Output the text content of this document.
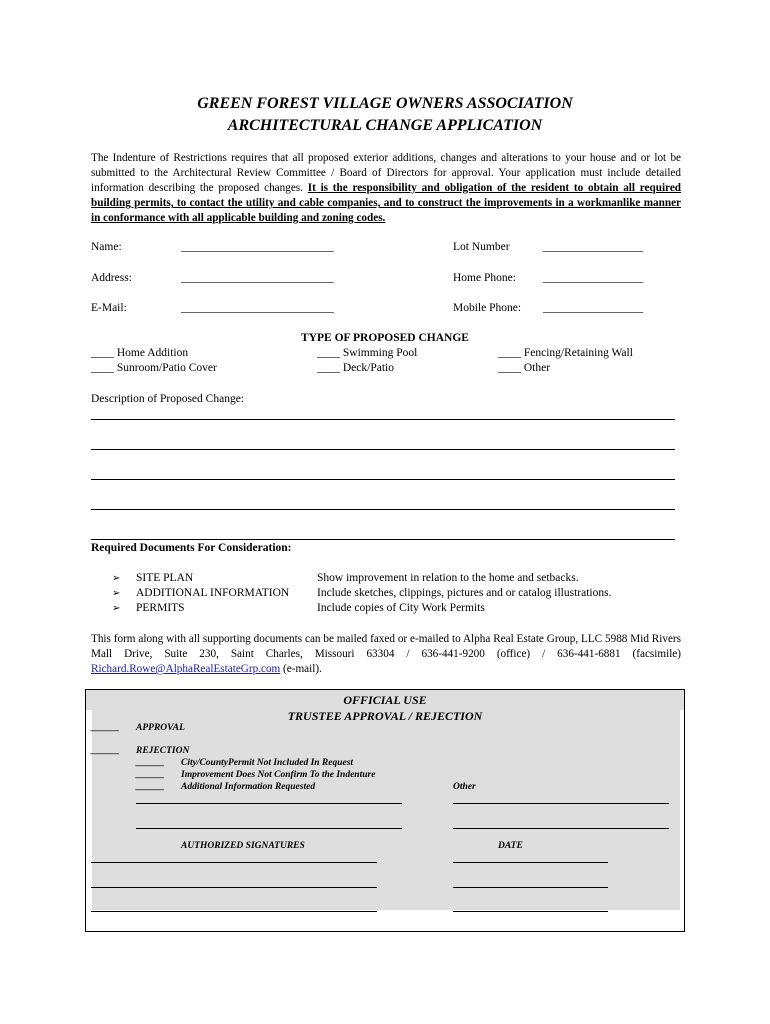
GREEN FOREST VILLAGE OWNERS ASSOCIATION
ARCHITECTURAL CHANGE APPLICATION
The Indenture of Restrictions requires that all proposed exterior additions, changes and alterations to your house and or lot be submitted to the Architectural Review Committee / Board of Directors for approval. Your application must include detailed information describing the proposed changes. It is the responsibility and obligation of the resident to obtain all required building permits, to contact the utility and cable companies, and to construct the improvements in a workmanlike manner in conformance with all applicable building and zoning codes.
Name:	_____________________________	Lot Number	___________________
Address:	_____________________________	Home Phone: ___________________
E-Mail:	_____________________________	Mobile Phone: ___________________
TYPE OF PROPOSED CHANGE
____ Home Addition
____ Sunroom/Patio Cover
____ Swimming Pool
____ Deck/Patio
____ Fencing/Retaining Wall
____ Other
Description of Proposed Change:
Required Documents For Consideration:
➢ SITE PLAN	Show improvement in relation to the home and setbacks.
➢ ADDITIONAL INFORMATION Include sketches, clippings, pictures and or catalog illustrations.
➢ PERMITS	Include copies of City Work Permits
This form along with all supporting documents can be mailed faxed or e-mailed to Alpha Real Estate Group, LLC 5988 Mid Rivers Mall Drive, Suite 230, Saint Charles, Missouri 63304 / 636-441-9200 (office) / 636-441-6881 (facsimile) Richard.Rowe@AlphaRealEstateGrp.com (e-mail).
OFFICIAL USE
TRUSTEE APPROVAL / REJECTION
______ APPROVAL
______ REJECTION
______ City/CountyPermit Not Included In Request
______ Improvement Does Not Confirm To the Indenture
______ Additional Information Requested	Other
AUTHORIZED SIGNATURES	DATE
